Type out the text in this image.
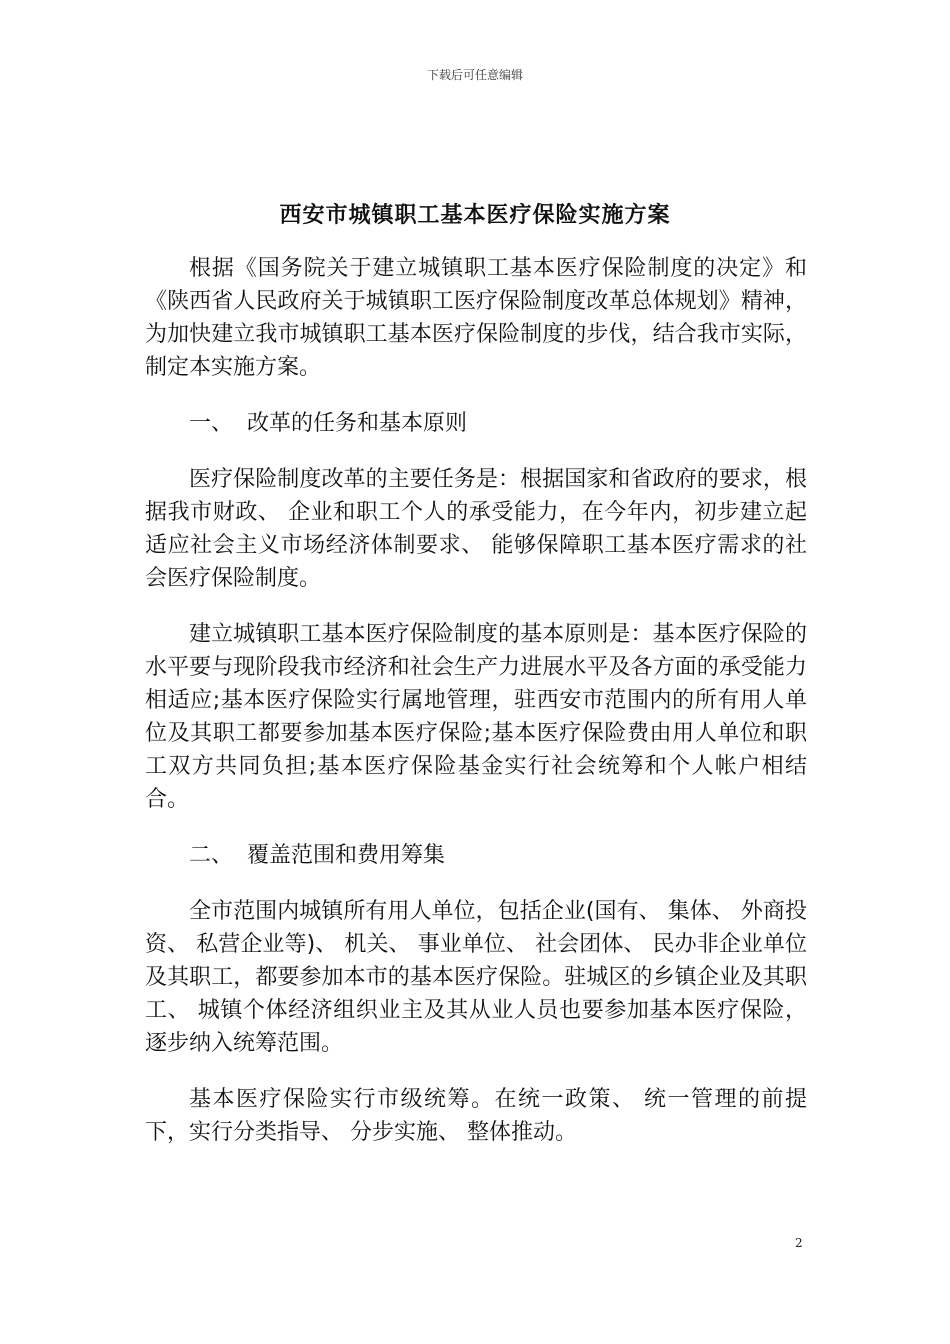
下载后可任意编辑
西安市城镇职工基本医疗保险实施方案

根据《国务院关于建立城镇职工基本医疗保险制度的决定》和《陕西省人民政府关于城镇职工医疗保险制度改革总体规划》精神，为加快建立我市城镇职工基本医疗保险制度的步伐，结合我市实际，制定本实施方案。

一、  改革的任务和基本原则

医疗保险制度改革的主要任务是：根据国家和省政府的要求，根据我市财政、 企业和职工个人的承受能力，在今年内，初步建立起适应社会主义市场经济体制要求、 能够保障职工基本医疗需求的社会医疗保险制度。

建立城镇职工基本医疗保险制度的基本原则是：基本医疗保险的水平要与现阶段我市经济和社会生产力进展水平及各方面的承受能力相适应;基本医疗保险实行属地管理，驻西安市范围内的所有用人单位及其职工都要参加基本医疗保险;基本医疗保险费由用人单位和职工双方共同负担;基本医疗保险基金实行社会统筹和个人帐户相结合。

二、  覆盖范围和费用筹集

全市范围内城镇所有用人单位，包括企业(国有、 集体、 外商投资、 私营企业等)、 机关、 事业单位、 社会团体、 民办非企业单位及其职工，都要参加本市的基本医疗保险。驻城区的乡镇企业及其职工、 城镇个体经济组织业主及其从业人员也要参加基本医疗保险，逐步纳入统筹范围。

基本医疗保险实行市级统筹。在统一政策、 统一管理的前提下，实行分类指导、 分步实施、 整体推动。

2
